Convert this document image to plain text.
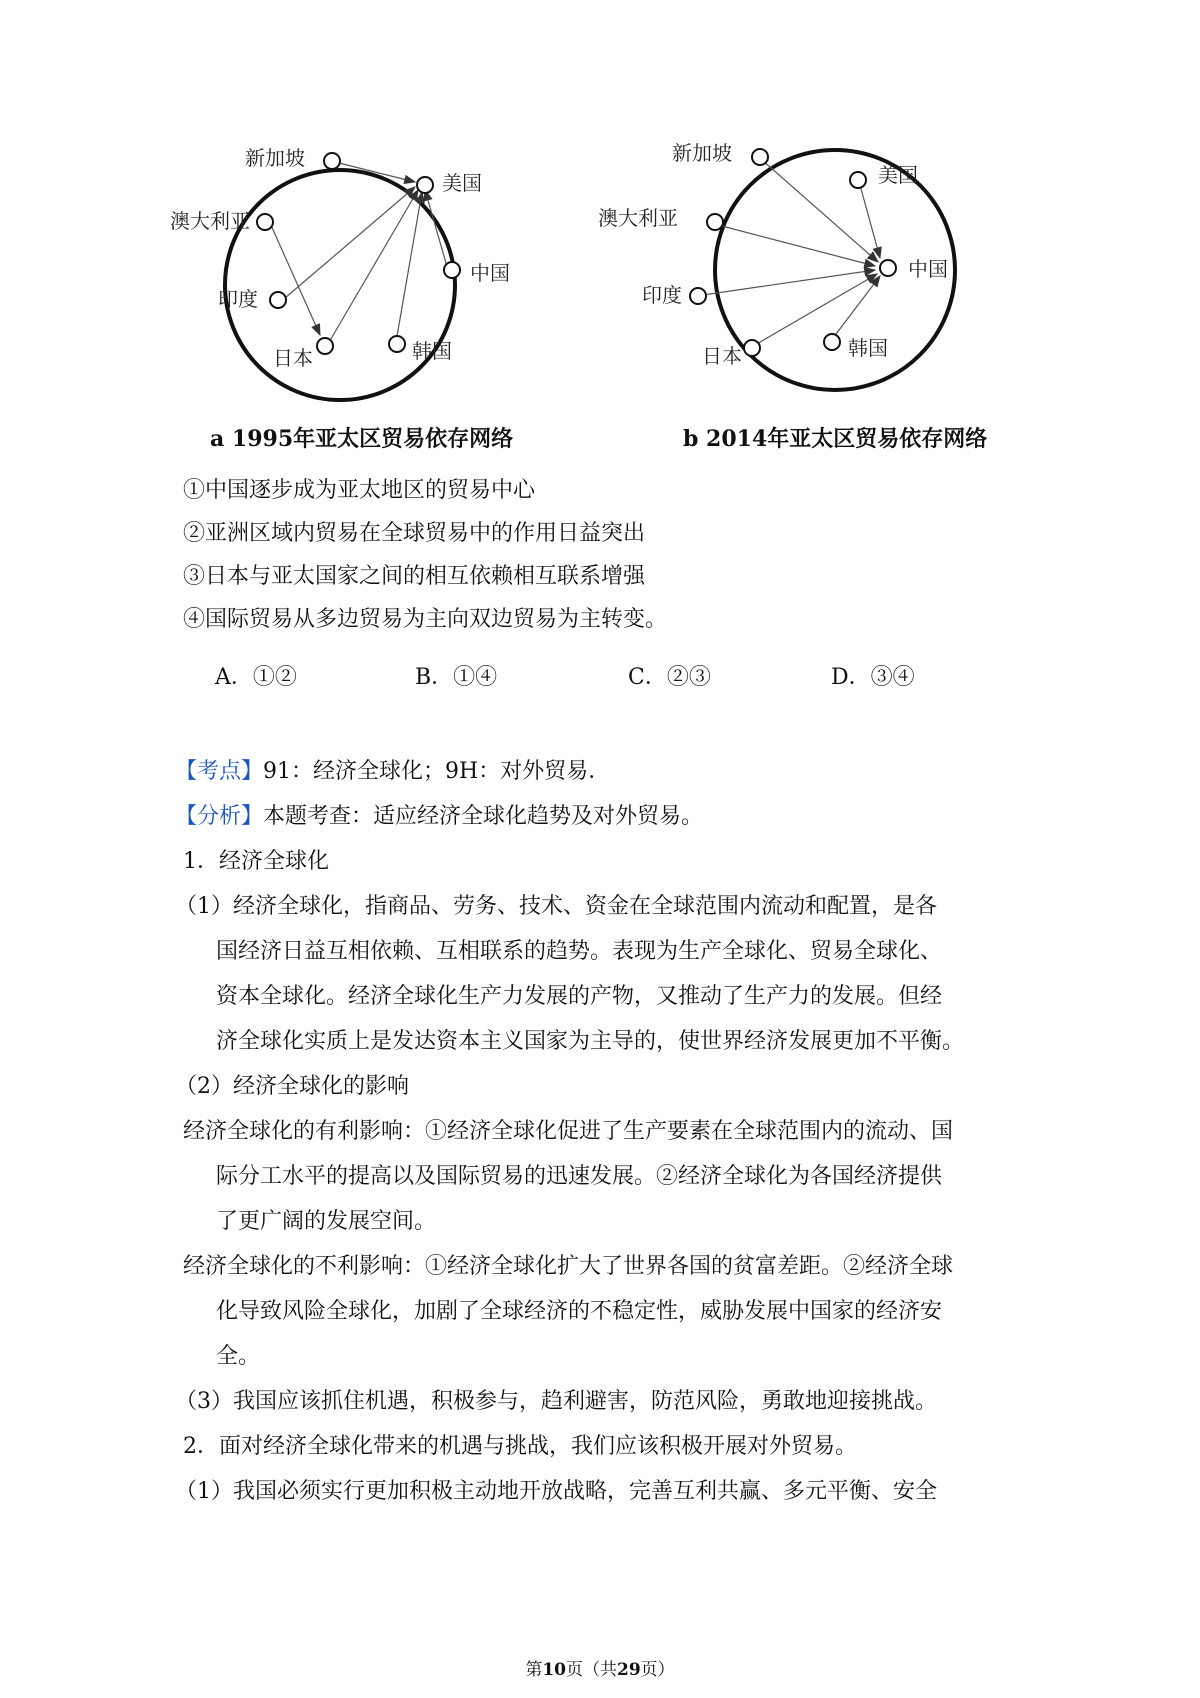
新加坡
美国
澳大利亚
中国
印度
日本	韩国
a 1995年亚太区贸易依存网络
新加坡
美国
澳大利亚
中国
印度
日本	韩国
b 2014年亚太区贸易依存网络
①中国逐步成为亚太地区的贸易中心
②亚洲区域内贸易在全球贸易中的作用日益突出
③日本与亚太国家之间的相互依赖相互联系增强
④国际贸易从多边贸易为主向双边贸易为主转变。
A．①②	B．①④	C．②③	D．③④
【考点】91：经济全球化；9H：对外贸易．
【分析】本题考查：适应经济全球化趋势及对外贸易。
1．经济全球化
（1）经济全球化，指商品、劳务、技术、资金在全球范围内流动和配置，是各
国经济日益互相依赖、互相联系的趋势。表现为生产全球化、贸易全球化、
资本全球化。经济全球化生产力发展的产物，又推动了生产力的发展。但经
济全球化实质上是发达资本主义国家为主导的，使世界经济发展更加不平衡。
（2）经济全球化的影响
经济全球化的有利影响：①经济全球化促进了生产要素在全球范围内的流动、国
际分工水平的提高以及国际贸易的迅速发展。②经济全球化为各国经济提供
了更广阔的发展空间。
经济全球化的不利影响：①经济全球化扩大了世界各国的贫富差距。②经济全球
化导致风险全球化，加剧了全球经济的不稳定性，威胁发展中国家的经济安
全。
（3）我国应该抓住机遇，积极参与，趋利避害，防范风险，勇敢地迎接挑战。
2．面对经济全球化带来的机遇与挑战，我们应该积极开展对外贸易。
（1）我国必须实行更加积极主动地开放战略，完善互利共赢、多元平衡、安全
第10页（共29页）
